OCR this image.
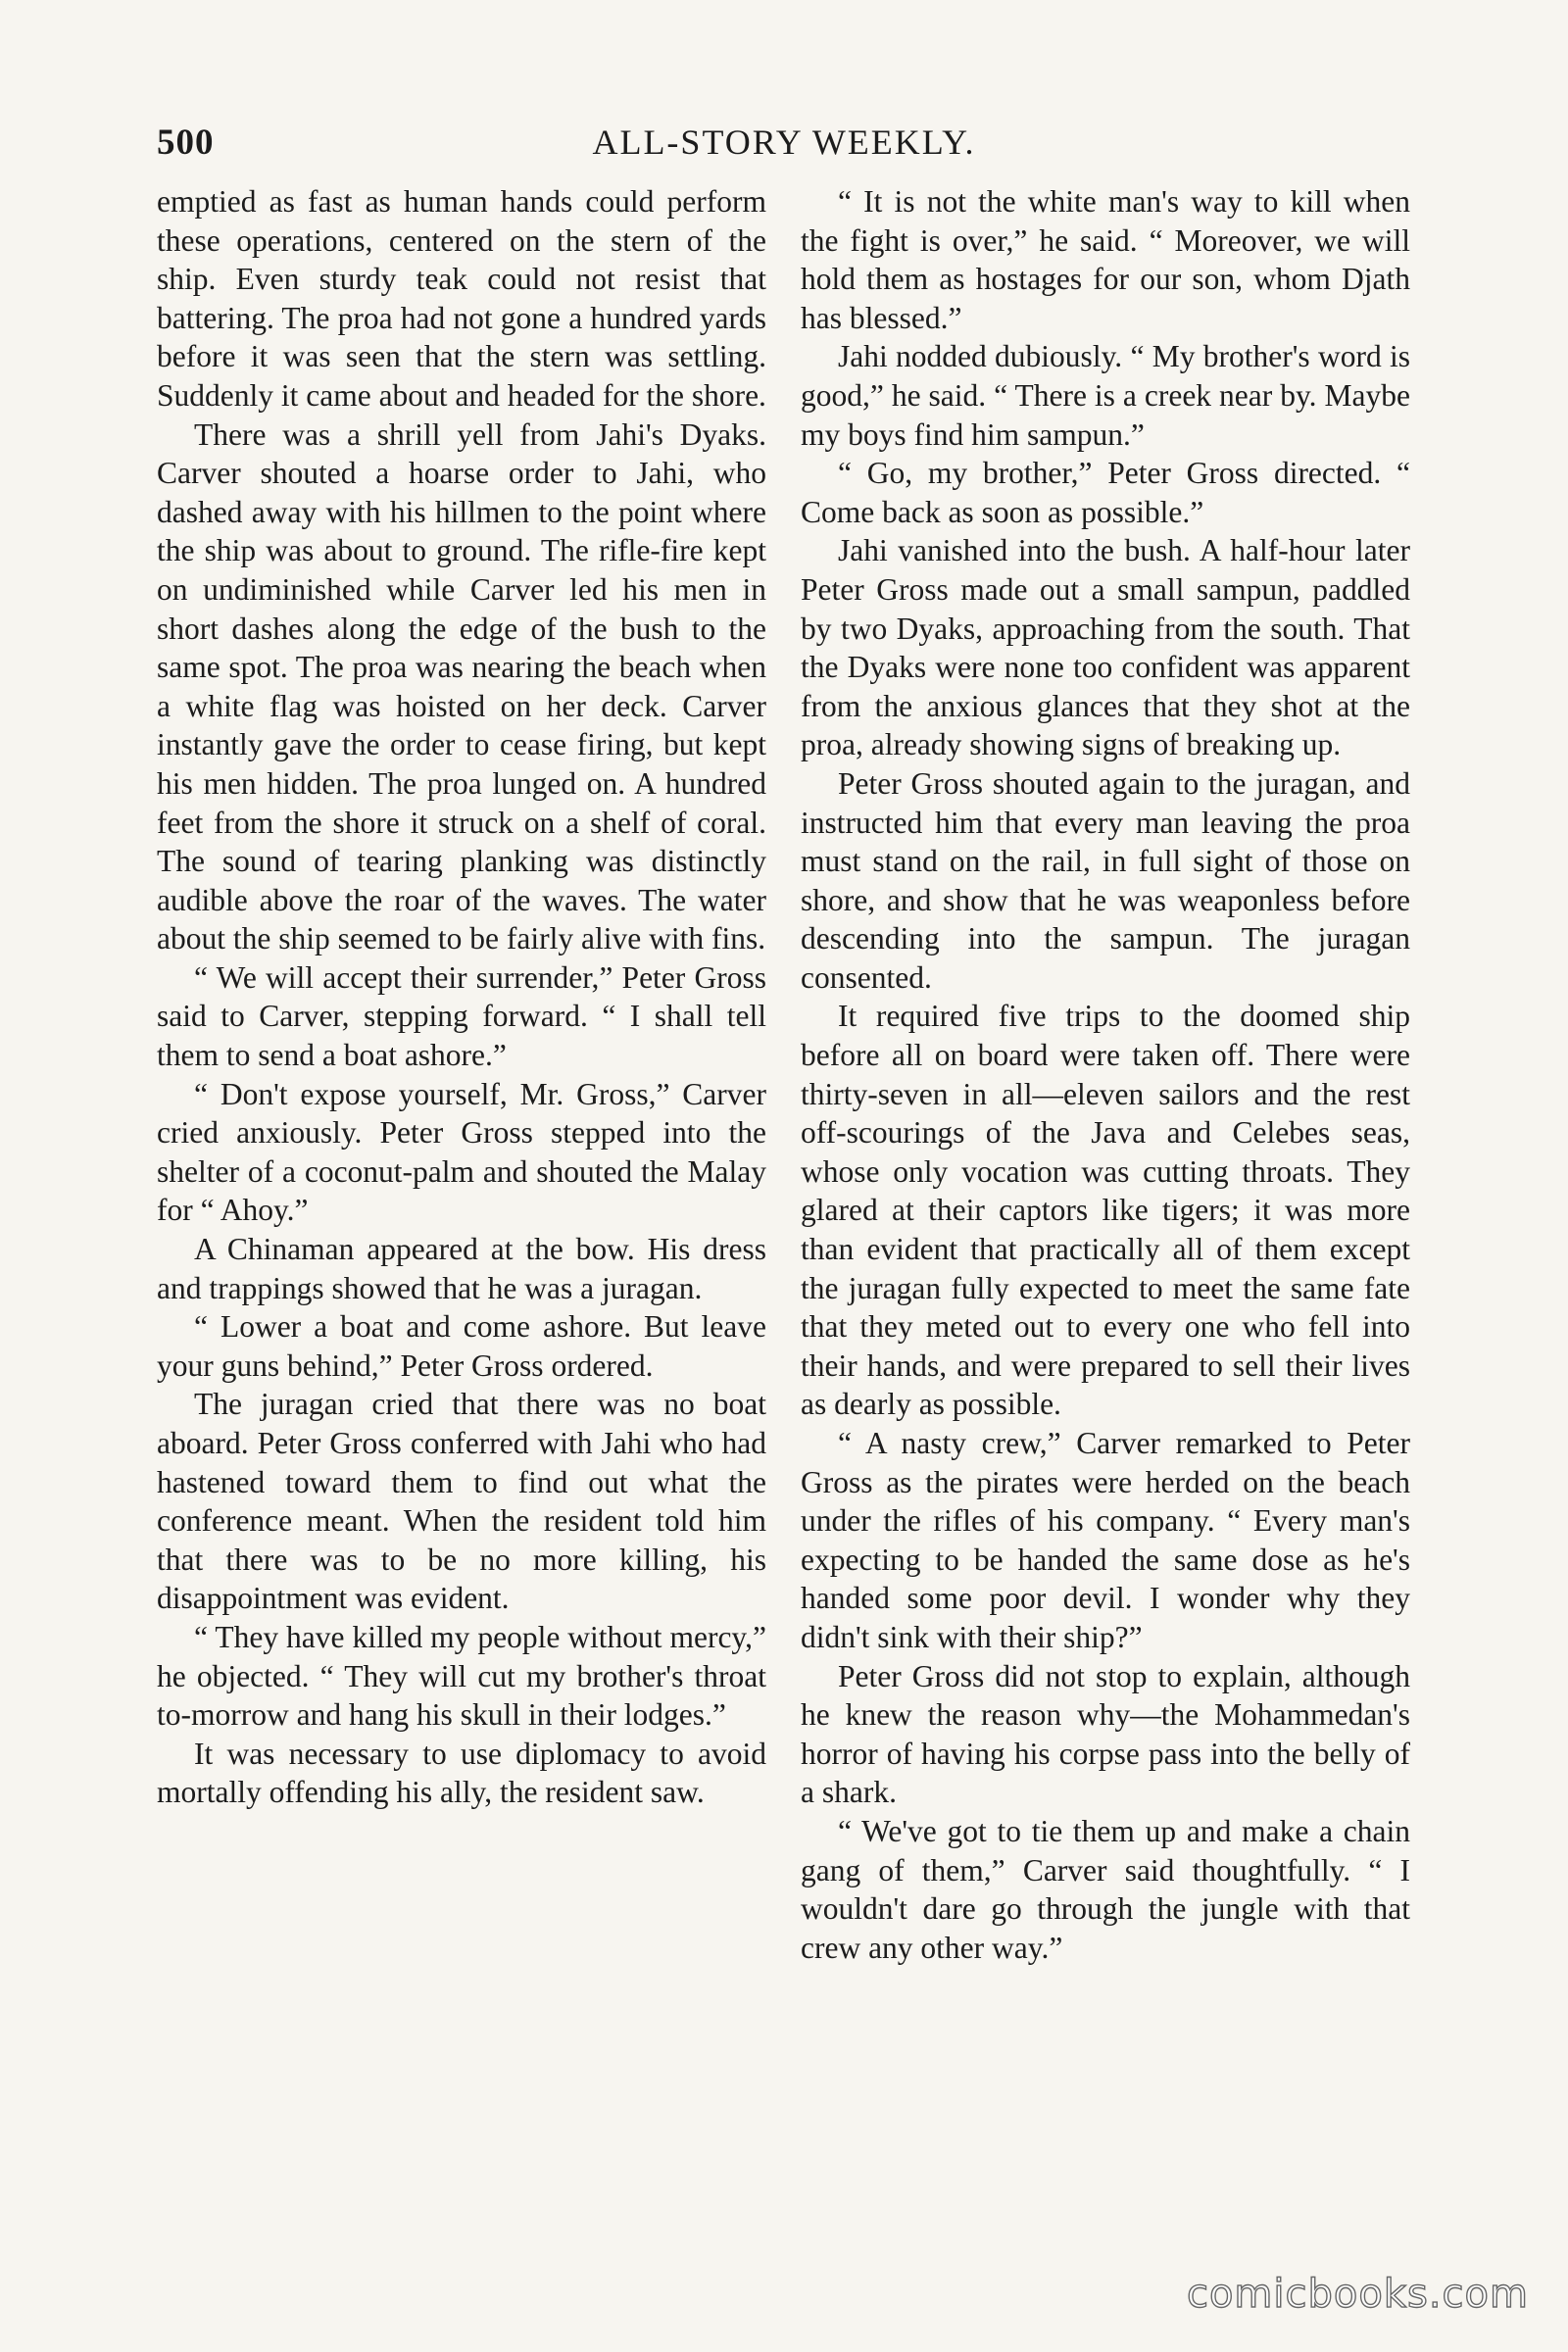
500	ALL-STORY WEEKLY.

emptied as fast as human hands could perform these operations, centered on the stern of the ship. Even sturdy teak could not resist that battering. The proa had not gone a hundred yards before it was seen that the stern was settling. Suddenly it came about and headed for the shore.

There was a shrill yell from Jahi's Dyaks. Carver shouted a hoarse order to Jahi, who dashed away with his hillmen to the point where the ship was about to ground. The rifle-fire kept on undiminished while Carver led his men in short dashes along the edge of the bush to the same spot. The proa was nearing the beach when a white flag was hoisted on her deck. Carver instantly gave the order to cease firing, but kept his men hidden. The proa lunged on. A hundred feet from the shore it struck on a shelf of coral. The sound of tearing planking was distinctly audible above the roar of the waves. The water about the ship seemed to be fairly alive with fins.

“ We will accept their surrender,” Peter Gross said to Carver, stepping forward. “ I shall tell them to send a boat ashore.”

“ Don't expose yourself, Mr. Gross,” Carver cried anxiously. Peter Gross stepped into the shelter of a coconut-palm and shouted the Malay for “ Ahoy.”

A Chinaman appeared at the bow. His dress and trappings showed that he was a juragan.

“ Lower a boat and come ashore. But leave your guns behind,” Peter Gross ordered.

The juragan cried that there was no boat aboard. Peter Gross conferred with Jahi who had hastened toward them to find out what the conference meant. When the resident told him that there was to be no more killing, his disappointment was evident.

“ They have killed my people without mercy,” he objected. “ They will cut my brother's throat to-morrow and hang his skull in their lodges.”

It was necessary to use diplomacy to avoid mortally offending his ally, the resident saw.

“ It is not the white man's way to kill when the fight is over,” he said. “ Moreover, we will hold them as hostages for our son, whom Djath has blessed.”

Jahi nodded dubiously. “ My brother's word is good,” he said. “ There is a creek near by. Maybe my boys find him sampun.”

“ Go, my brother,” Peter Gross directed. “ Come back as soon as possible.”

Jahi vanished into the bush. A half-hour later Peter Gross made out a small sampun, paddled by two Dyaks, approaching from the south. That the Dyaks were none too confident was apparent from the anxious glances that they shot at the proa, already showing signs of breaking up.

Peter Gross shouted again to the juragan, and instructed him that every man leaving the proa must stand on the rail, in full sight of those on shore, and show that he was weaponless before descending into the sampun. The juragan consented.

It required five trips to the doomed ship before all on board were taken off. There were thirty-seven in all—eleven sailors and the rest off-scourings of the Java and Celebes seas, whose only vocation was cutting throats. They glared at their captors like tigers; it was more than evident that practically all of them except the juragan fully expected to meet the same fate that they meted out to every one who fell into their hands, and were prepared to sell their lives as dearly as possible.

“ A nasty crew,” Carver remarked to Peter Gross as the pirates were herded on the beach under the rifles of his company. “ Every man's expecting to be handed the same dose as he's handed some poor devil. I wonder why they didn't sink with their ship?”

Peter Gross did not stop to explain, although he knew the reason why—the Mohammedan's horror of having his corpse pass into the belly of a shark.

“ We've got to tie them up and make a chain gang of them,” Carver said thoughtfully. “ I wouldn't dare go through the jungle with that crew any other way.”

comicbooks.com
